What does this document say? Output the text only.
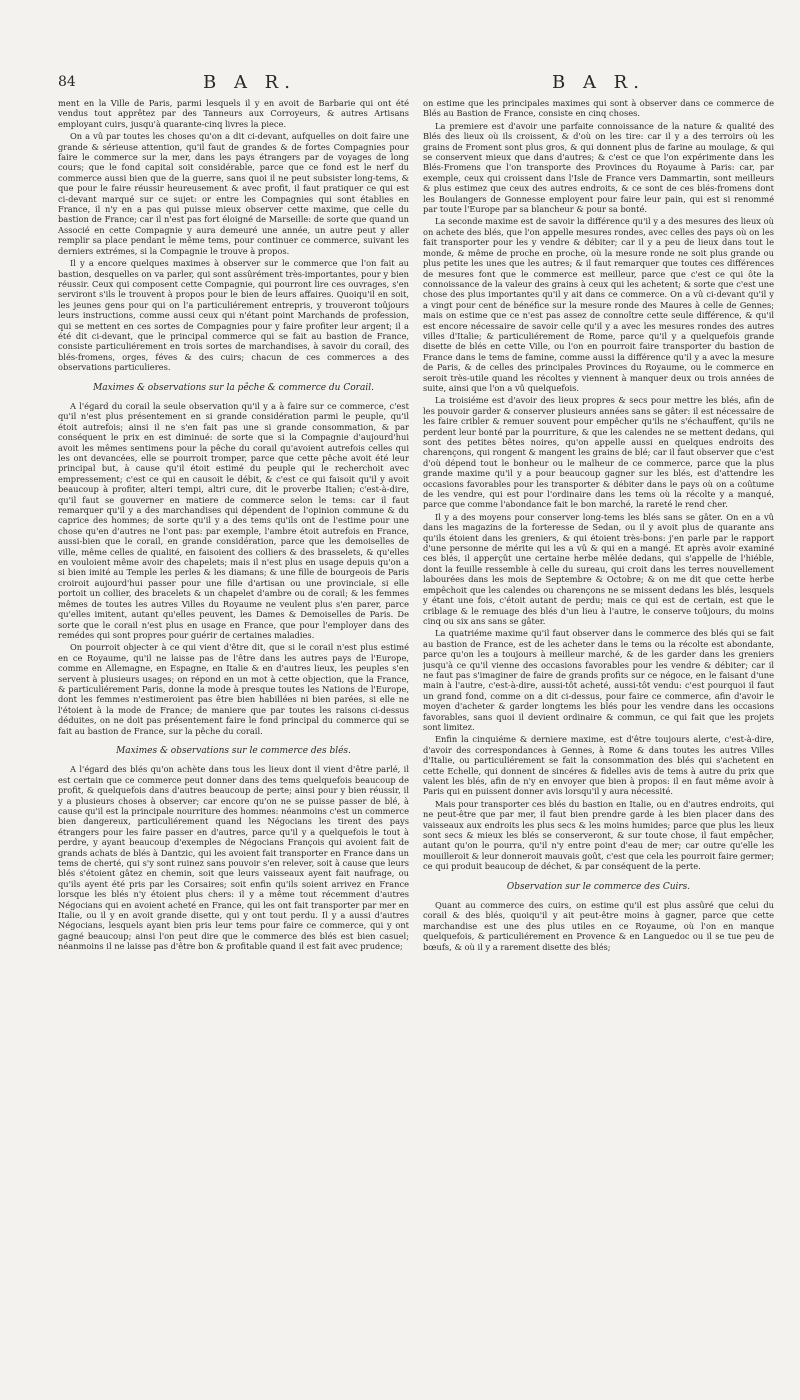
84	B A R.	B A R.

ment en la Ville de Paris, parmi lesquels il y en avoit de Barbarie qui ont été vendus tout apprêtez par des Tanneurs aux Corroyeurs, & autres Artisans employant cuirs, jusqu'à quarante-cinq livres la piece.

On a vû par toutes les choses qu'on a dit ci-devant, aufquelles on doit faire une grande & sérieuse attention, qu'il faut de grandes & de fortes Compagnies pour faire le commerce sur la mer, dans les pays étrangers par de voyages de long cours; que le fond capital soit considérable, parce que ce fond est le nerf du commerce aussi bien que de la guerre, sans quoi il ne peut subsister long-tems, & que pour le faire réussir heureusement & avec profit, il faut pratiquer ce qui est ci-devant marqué sur ce sujet: or entre les Compagnies qui sont établies en France, il n'y en a pas qui puisse mieux observer cette maxime, que celle du bastion de France; car il n'est pas fort éloigné de Marseille: de sorte que quand un Associé en cette Compagnie y aura demeuré une année, un autre peut y aller remplir sa place pendant le même tems, pour continuer ce commerce, suivant les derniers extrémes, si la Compagnie le trouve à propos.

Il y a encore quelques maximes à observer sur le commerce que l'on fait au bastion, desquelles on va parler, qui sont assûrément très-importantes, pour y bien réussir. Ceux qui composent cette Compagnie, qui pourront lire ces ouvrages, s'en serviront s'ils le trouvent à propos pour le bien de leurs affaires. Quoiqu'il en soit, les jeunes gens pour qui on l'a particuliérement entrepris, y trouveront toûjours leurs instructions, comme aussi ceux qui n'étant point Marchands de profession, qui se mettent en ces sortes de Compagnies pour y faire profiter leur argent; il a été dit ci-devant, que le principal commerce qui se fait au bastion de France, consiste particuliérement en trois sortes de marchandises, à savoir du corail, des blés-fromens, orges, féves & des cuirs; chacun de ces commerces a des observations particulieres.

Maximes & observations sur la pêche & commerce du Corail.

A l'égard du corail la seule observation qu'il y a à faire sur ce commerce, c'est qu'il n'est plus présentement en si grande considération parmi le peuple, qu'il étoit autrefois; ainsi il ne s'en fait pas une si grande consommation, & par conséquent le prix en est diminué: de sorte que si la Compagnie d'aujourd'hui avoit les mêmes sentimens pour la pêche du corail qu'avoient autrefois celles qui les ont devancées, elle se pourroit tromper, parce que cette pêche avoit été leur principal but, à cause qu'il étoit estimé du peuple qui le recherchoit avec empressement; c'est ce qui en causoit le débit, & c'est ce qui faisoit qu'il y avoit beaucoup à profiter, alteri tempi, altri cure, dit le proverbe Italien; c'est-à-dire, qu'il faut se gouverner en matiere de commerce selon le tems: car il faut remarquer qu'il y a des marchandises qui dépendent de l'opinion commune & du caprice des hommes; de sorte qu'il y a des tems qu'ils ont de l'estime pour une chose qu'en d'autres ne l'ont pas: par exemple, l'ambre étoit autrefois en France, aussi-bien que le corail, en grande considération, parce que les demoiselles de ville, même celles de qualité, en faisoient des colliers & des brasselets, & qu'elles en vouloient même avoir des chapelets; mais il n'est plus en usage depuis qu'on a si bien imité au Temple les perles & les diamans; & une fille de bourgeois de Paris croiroit aujourd'hui passer pour une fille d'artisan ou une provinciale, si elle portoit un collier, des bracelets & un chapelet d'ambre ou de corail; & les femmes mêmes de toutes les autres Villes du Royaume ne veulent plus s'en parer, parce qu'elles imitent, autant qu'elles peuvent, les Dames & Demoiselles de Paris. De sorte que le corail n'est plus en usage en France, que pour l'employer dans des remédes qui sont propres pour guérir de certaines maladies.

On pourroit objecter à ce qui vient d'être dit, que si le corail n'est plus estimé en ce Royaume, qu'il ne laisse pas de l'être dans les autres pays de l'Europe, comme en Allemagne, en Espagne, en Italie & en d'autres lieux, les peuples s'en servent à plusieurs usages; on répond en un mot à cette objection, que la France, & particuliérement Paris, donne la mode à presque toutes les Nations de l'Europe, dont les femmes n'estimeroient pas être bien habillées ni bien parées, si elle ne l'étoient à la mode de France; de maniere que par toutes les raisons ci-dessus déduites, on ne doit pas présentement faire le fond principal du commerce qui se fait au bastion de France, sur la pêche du corail.

Maximes & observations sur le commerce des blés.

A l'égard des blés qu'on achète dans tous les lieux dont il vient d'être parlé, il est certain que ce commerce peut donner dans des tems quelquefois beaucoup de profit, & quelquefois dans d'autres beaucoup de perte; ainsi pour y bien réussir, il y a plusieurs choses à observer; car encore qu'on ne se puisse passer de blé, à cause qu'il est la principale nourriture des hommes: néanmoins c'est un commerce bien dangereux, particuliérement quand les Négocians les tirent des pays étrangers pour les faire passer en d'autres, parce qu'il y a quelquefois le tout à perdre, y ayant beaucoup d'exemples de Négocians François qui avoient fait de grands achats de blés à Dantzic, qui les avoient fait transporter en France dans un tems de cherté, qui s'y sont ruinez sans pouvoir s'en relever, soit à cause que leurs blés s'étoient gâtez en chemin, soit que leurs vaisseaux ayent fait naufrage, ou qu'ils ayent été pris par les Corsaires; soit enfin qu'ils soient arrivez en France lorsque les blés n'y étoient plus chers: il y a même tout récemment d'autres Négocians qui en avoient acheté en France, qui les ont fait transporter par mer en Italie, ou il y en avoit grande disette, qui y ont tout perdu. Il y a aussi d'autres Négocians, lesquels ayant bien pris leur tems pour faire ce commerce, qui y ont gagné beaucoup; ainsi l'on peut dire que le commerce des blés est bien casuel; néanmoins il ne laisse pas d'être bon & profitable quand il est fait avec prudence;

on estime que les principales maximes qui sont à observer dans ce commerce de Blés au Bastion de France, consiste en cinq choses.

La premiere est d'avoir une parfaite connoissance de la nature & qualité des Blés des lieux où ils croissent, & d'où on les tire: car il y a des terroirs où les grains de Froment sont plus gros, & qui donnent plus de farine au moulage, & qui se conservent mieux que dans d'autres; & c'est ce que l'on expérimente dans les Blés-Fromens que l'on transporte des Provinces du Royaume à Paris: car, par exemple, ceux qui croissent dans l'Isle de France vers Dammartin, sont meilleurs & plus estimez que ceux des autres endroits, & ce sont de ces blés-fromens dont les Boulangers de Gonnesse employent pour faire leur pain, qui est si renommé par toute l'Europe par sa blancheur & pour sa bonté.

La seconde maxime est de savoir la différence qu'il y a des mesures des lieux où on achete des blés, que l'on appelle mesures rondes, avec celles des pays où on les fait transporter pour les y vendre & débiter; car il y a peu de lieux dans tout le monde, & même de proche en proche, où la mesure ronde ne soit plus grande ou plus petite les unes que les autres; & il faut remarquer que toutes ces différences de mesures font que le commerce est meilleur, parce que c'est ce qui ôte la connoissance de la valeur des grains à ceux qui les achetent; & sorte que c'est une chose des plus importantes qu'il y ait dans ce commerce. On a vû ci-devant qu'il y a vingt pour cent de bénéfice sur la mesure ronde des Maures à celle de Gennes; mais on estime que ce n'est pas assez de connoître cette seule différence, & qu'il est encore nécessaire de savoir celle qu'il y a avec les mesures rondes des autres villes d'Italie; & particuliérement de Rome, parce qu'il y a quelquefois grande disette de blés en cette Ville, ou l'on en pourroit faire transporter du bastion de France dans le tems de famine, comme aussi la différence qu'il y a avec la mesure de Paris, & de celles des principales Provinces du Royaume, ou le commerce en seroit très-utile quand les récoltes y viennent à manquer deux ou trois années de suite, ainsi que l'on a vû quelquefois.

La troisiéme est d'avoir des lieux propres & secs pour mettre les blés, afin de les pouvoir garder & conserver plusieurs années sans se gâter: il est nécessaire de les faire cribler & remuer souvent pour empêcher qu'ils ne s'échauffent, qu'ils ne perdent leur bonté par la pourriture, & que les calendes ne se mettent dedans, qui sont des petites bêtes noires, qu'on appelle aussi en quelques endroits des charençons, qui rongent & mangent les grains de blé; car il faut observer que c'est d'où dépend tout le bonheur ou le malheur de ce commerce, parce que la plus grande maxime qu'il y a pour beaucoup gagner sur les blés, est d'attendre les occasions favorables pour les transporter & débiter dans le pays où on a coûtume de les vendre, qui est pour l'ordinaire dans les tems où la récolte y a manqué, parce que comme l'abondance fait le bon marché, la rareté le rend cher.

Il y a des moyens pour conserver long-tems les blés sans se gâter. On en a vû dans les magazins de la forteresse de Sedan, ou il y avoit plus de quarante ans qu'ils étoient dans les greniers, & qui étoient très-bons: j'en parle par le rapport d'une personne de mérite qui les a vû & qui en a mangé. Et après avoir examiné ces blés, il apperçût une certaine herbe mêlée dedans, qui s'appelle de l'hiéble, dont la feuille ressemble à celle du sureau, qui croit dans les terres nouvellement labourées dans les mois de Septembre & Octobre; & on me dit que cette herbe empêchoit que les calendes ou charençons ne se missent dedans les blés, lesquels y étant une fois, c'étoit autant de perdu; mais ce qui est de certain, est que le criblage & le remuage des blés d'un lieu à l'autre, le conserve toûjours, du moins cinq ou six ans sans se gâter.

La quatriéme maxime qu'il faut observer dans le commerce des blés qui se fait au bastion de France, est de les acheter dans le tems ou la récolte est abondante, parce qu'on les a toujours à meilleur marché, & de les garder dans les greniers jusqu'à ce qu'il vienne des occasions favorables pour les vendre & débiter; car il ne faut pas s'imaginer de faire de grands profits sur ce négoce, en le faisant d'une main à l'autre, c'est-à-dire, aussi-tôt acheté, aussi-tôt vendu: c'est pourquoi il faut un grand fond, comme on a dit ci-dessus, pour faire ce commerce, afin d'avoir le moyen d'acheter & garder longtems les blés pour les vendre dans les occasions favorables, sans quoi il devient ordinaire & commun, ce qui fait que les projets sont limitez.

Enfin la cinquiéme & derniere maxime, est d'être toujours alerte, c'est-à-dire, d'avoir des correspondances à Gennes, à Rome & dans toutes les autres Villes d'Italie, ou particuliérement se fait la consommation des blés qui s'achetent en cette Echelle, qui donnent de sincéres & fidelles avis de tems à autre du prix que valent les blés, afin de n'y en envoyer que bien à propos: il en faut même avoir à Paris qui en puissent donner avis lorsqu'il y aura nécessité.

Mais pour transporter ces blés du bastion en Italie, ou en d'autres endroits, qui ne peut-être que par mer, il faut bien prendre garde à les bien placer dans des vaisseaux aux endroits les plus secs & les moins humides; parce que plus les lieux sont secs & mieux les blés se conserveront, & sur toute chose, il faut empêcher, autant qu'on le pourra, qu'il n'y entre point d'eau de mer; car outre qu'elle les mouilleroit & leur donneroit mauvais goût, c'est que cela les pourroit faire germer; ce qui produit beaucoup de déchet, & par conséquent de la perte.

Observation sur le commerce des Cuirs.

Quant au commerce des cuirs, on estime qu'il est plus assûré que celui du corail & des blés, quoiqu'il y ait peut-être moins à gagner, parce que cette marchandise est une des plus utiles en ce Royaume, où l'on en manque quelquefois, & particuliérement en Provence & en Languedoc ou il se tue peu de bœufs, & où il y a rarement disette des blés;
